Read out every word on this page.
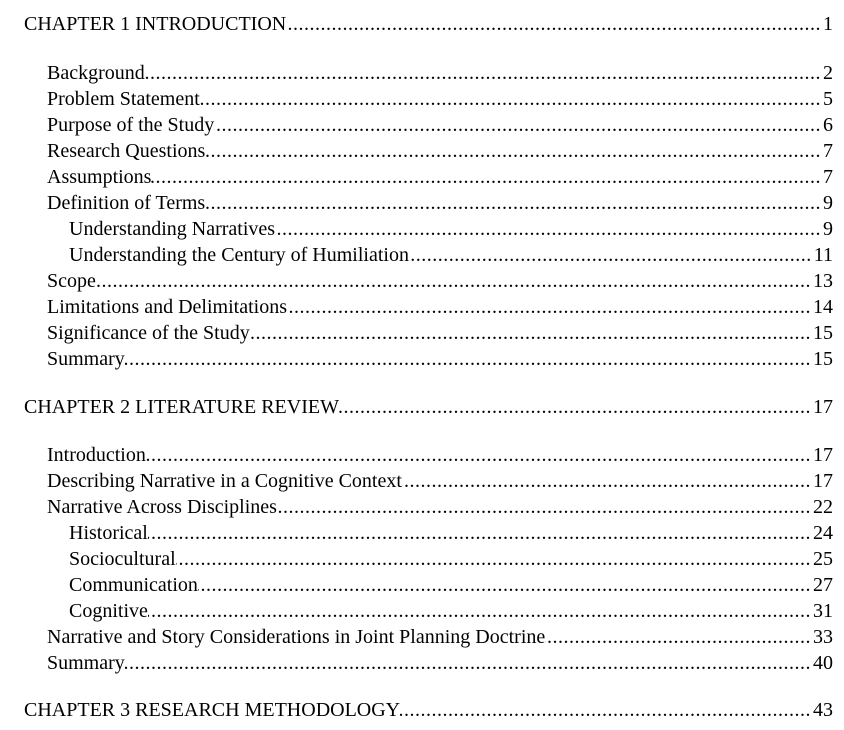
CHAPTER 1 INTRODUCTION .....	1
Background .....	2
Problem Statement .....	5
Purpose of the Study .....	6
Research Questions .....	7
Assumptions .....	7
Definition of Terms .....	9
Understanding Narratives .....	9
Understanding the Century of Humiliation .....	11
Scope .....	13
Limitations and Delimitations .....	14
Significance of the Study .....	15
Summary .....	15
CHAPTER 2 LITERATURE REVIEW .....	17
Introduction .....	17
Describing Narrative in a Cognitive Context .....	17
Narrative Across Disciplines .....	22
Historical .....	24
Sociocultural .....	25
Communication .....	27
Cognitive .....	31
Narrative and Story Considerations in Joint Planning Doctrine .....	33
Summary .....	40
CHAPTER 3 RESEARCH METHODOLOGY .....	43
